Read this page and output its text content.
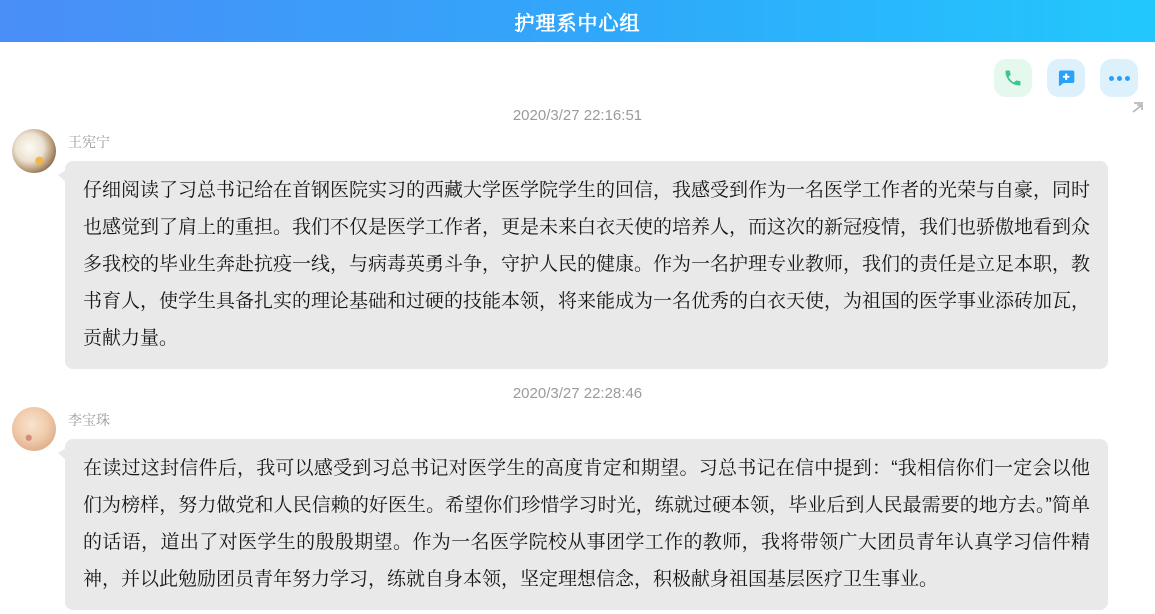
护理系中心组
2020/3/27 22:16:51
王宪宁
仔细阅读了习总书记给在首钢医院实习的西藏大学医学院学生的回信，我感受到作为一名医学工作者的光荣与自豪，同时也感觉到了肩上的重担。我们不仅是医学工作者，更是未来白衣天使的培养人，而这次的新冠疫情，我们也骄傲地看到众多我校的毕业生奔赴抗疫一线，与病毒英勇斗争，守护人民的健康。作为一名护理专业教师，我们的责任是立足本职，教书育人，使学生具备扎实的理论基础和过硬的技能本领，将来能成为一名优秀的白衣天使，为祖国的医学事业添砖加瓦，贡献力量。
2020/3/27 22:28:46
李宝珠
在读过这封信件后，我可以感受到习总书记对医学生的高度肯定和期望。习总书记在信中提到：“我相信你们一定会以他们为榜样，努力做党和人民信赖的好医生。希望你们珍惜学习时光，练就过硬本领，毕业后到人民最需要的地方去。”简单的话语，道出了对医学生的殷殷期望。作为一名医学院校从事团学工作的教师，我将带领广大团员青年认真学习信件精神，并以此勉励团员青年努力学习，练就自身本领，坚定理想信念，积极献身祖国基层医疗卫生事业。
